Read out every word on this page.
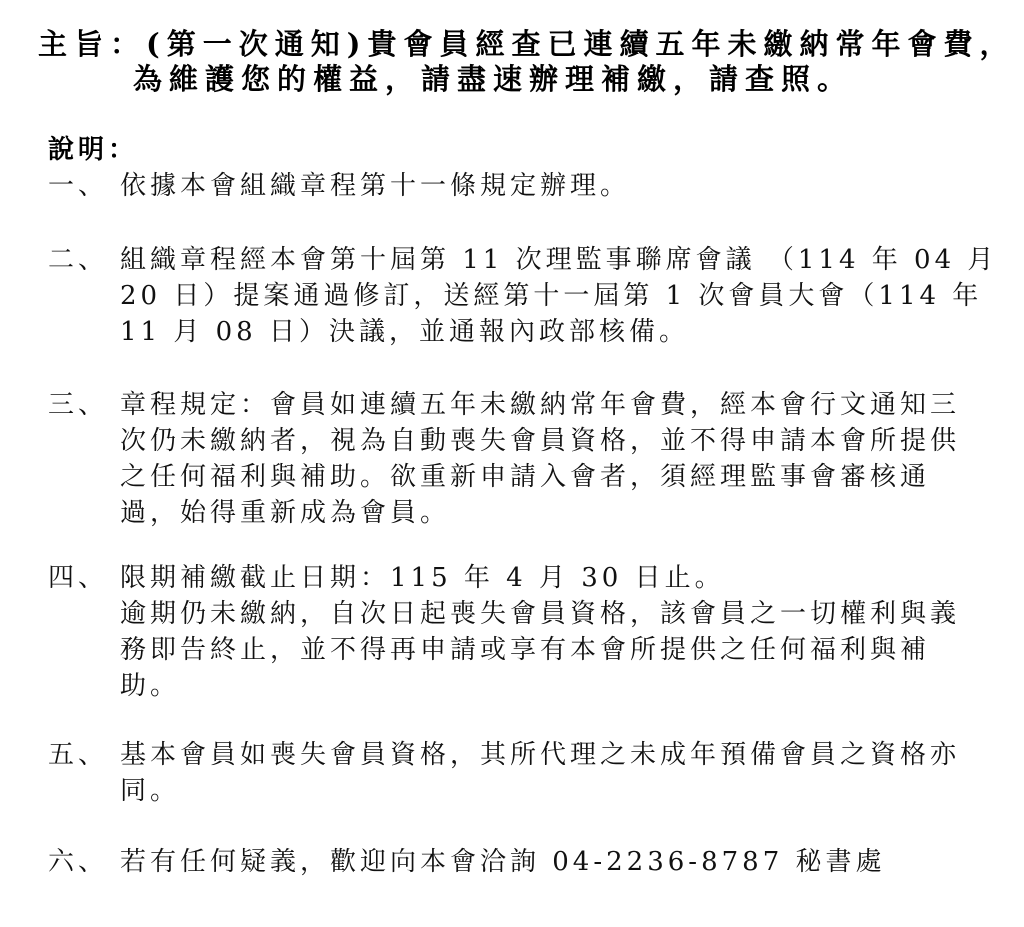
主旨：(第一次通知)貴會員經查已連續五年未繳納常年會費，
為維護您的權益，請盡速辦理補繳，請查照。
說明：
一、 依據本會組織章程第十一條規定辦理。
二、 組織章程經本會第十屆第 11 次理監事聯席會議 （114 年 04 月
20 日）提案通過修訂，送經第十一屆第 1 次會員大會（114 年
11 月 08 日）決議，並通報內政部核備。
三、 章程規定：會員如連續五年未繳納常年會費，經本會行文通知三
次仍未繳納者，視為自動喪失會員資格，並不得申請本會所提供
之任何福利與補助。欲重新申請入會者，須經理監事會審核通
過，始得重新成為會員。
四、 限期補繳截止日期：115 年 4 月 30 日止。
逾期仍未繳納，自次日起喪失會員資格，該會員之一切權利與義
務即告終止，並不得再申請或享有本會所提供之任何福利與補
助。
五、 基本會員如喪失會員資格，其所代理之未成年預備會員之資格亦
同。
六、 若有任何疑義，歡迎向本會洽詢 04-2236-8787 秘書處
